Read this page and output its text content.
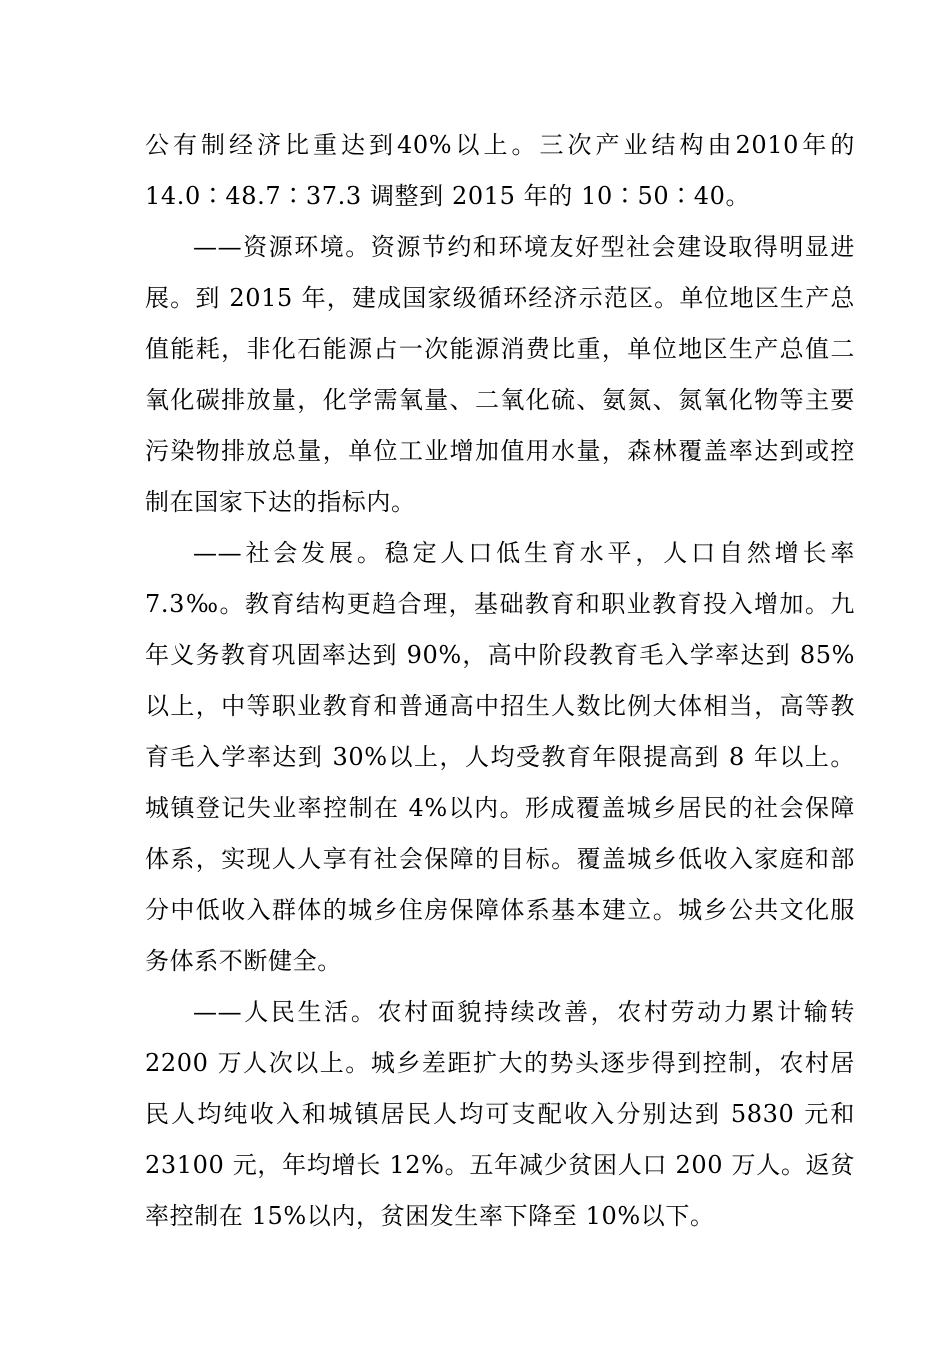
公有制经济比重达到40%以上。三次产业结构由2010年的14.0∶48.7∶37.3 调整到 2015 年的 10∶50∶40。

——资源环境。资源节约和环境友好型社会建设取得明显进展。到 2015 年，建成国家级循环经济示范区。单位地区生产总值能耗，非化石能源占一次能源消费比重，单位地区生产总值二氧化碳排放量，化学需氧量、二氧化硫、氨氮、氮氧化物等主要污染物排放总量，单位工业增加值用水量，森林覆盖率达到或控制在国家下达的指标内。

——社会发展。稳定人口低生育水平，人口自然增长率7.3‰。教育结构更趋合理，基础教育和职业教育投入增加。九年义务教育巩固率达到 90%，高中阶段教育毛入学率达到 85%以上，中等职业教育和普通高中招生人数比例大体相当，高等教育毛入学率达到 30%以上，人均受教育年限提高到 8 年以上。城镇登记失业率控制在 4%以内。形成覆盖城乡居民的社会保障体系，实现人人享有社会保障的目标。覆盖城乡低收入家庭和部分中低收入群体的城乡住房保障体系基本建立。城乡公共文化服务体系不断健全。

——人民生活。农村面貌持续改善，农村劳动力累计输转2200 万人次以上。城乡差距扩大的势头逐步得到控制，农村居民人均纯收入和城镇居民人均可支配收入分别达到 5830 元和23100 元，年均增长 12%。五年减少贫困人口 200 万人。返贫率控制在 15%以内，贫困发生率下降至 10%以下。
